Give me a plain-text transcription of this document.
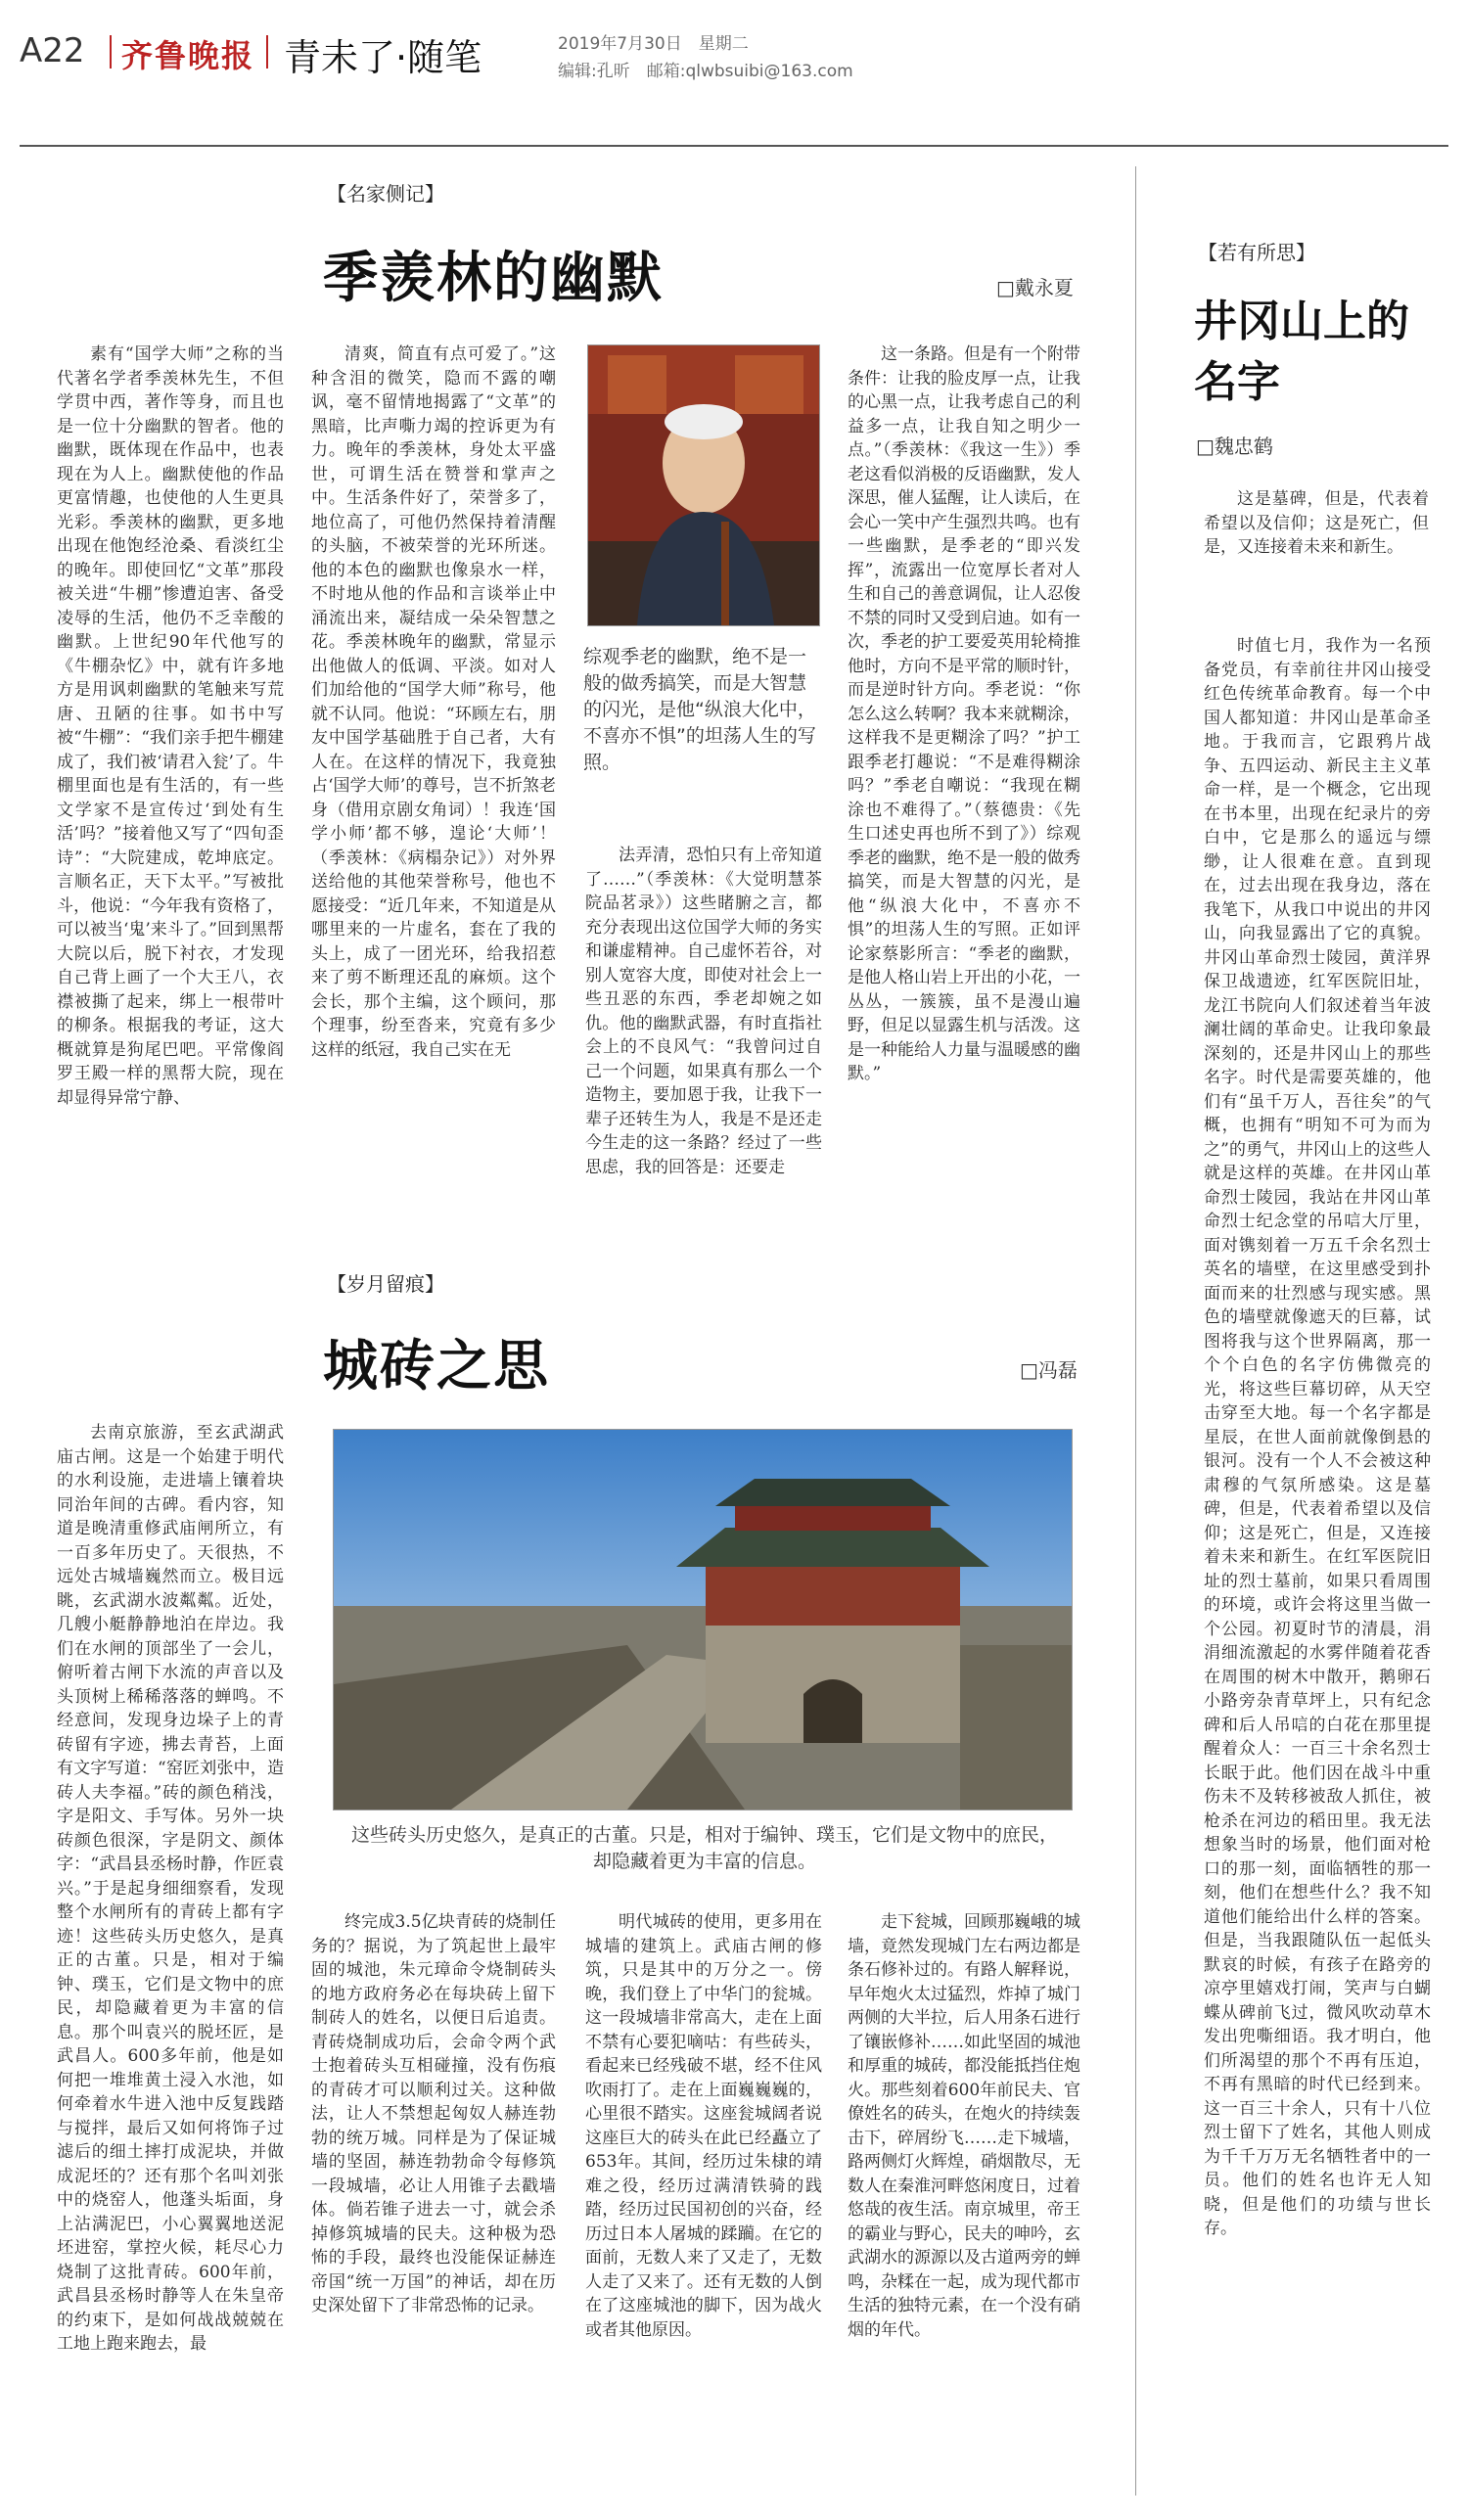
A22 齐鲁晚报 青未了·随笔	2019年7月30日　星期二
编辑:孔昕　邮箱:qlwbsuibi@163.com
【名家侧记】
季羡林的幽默	□戴永夏

素有“国学大师”之称的当代著名学者季羡林先生，不但学贯中西，著作等身，而且也是一位十分幽默的智者。他的幽默，既体现在作品中，也表现在为人上。幽默使他的作品更富情趣，也使他的人生更具光彩。季羡林的幽默，更多地出现在他饱经沧桑、看淡红尘的晚年。即使回忆“文革”那段被关进“牛棚”惨遭迫害、备受凌辱的生活，他仍不乏幸酸的幽默。上世纪90年代他写的《牛棚杂忆》中，就有许多地方是用讽刺幽默的笔触来写荒唐、丑陋的往事。如书中写被“牛棚”：“我们亲手把牛棚建成了，我们被‘请君入瓮’了。牛棚里面也是有生活的，有一些文学家不是宣传过‘到处有生活’吗？”接着他又写了“四旬歪诗”：“大院建成，乾坤底定。言顺名正，天下太平。”写被批斗，他说：“今年我有资格了，可以被当‘鬼’来斗了。”回到黑帮大院以后，脱下衬衣，才发现自己背上画了一个大王八，衣襟被撕了起来，绑上一根带叶的柳条。根据我的考证，这大概就算是狗尾巴吧。平常像阎罗王殿一样的黑帮大院，现在却显得异常宁静、

清爽，简直有点可爱了。”这种含泪的微笑，隐而不露的嘲讽，毫不留情地揭露了“文革”的黑暗，比声嘶力竭的控诉更为有力。晚年的季羡林，身处太平盛世，可谓生活在赞誉和掌声之中。生活条件好了，荣誉多了，地位高了，可他仍然保持着清醒的头脑，不被荣誉的光环所迷。他的本色的幽默也像泉水一样，不时地从他的作品和言谈举止中涌流出来，凝结成一朵朵智慧之花。季羡林晚年的幽默，常显示出他做人的低调、平淡。如对人们加给他的“国学大师”称号，他就不认同。他说：“环顾左右，朋友中国学基础胜于自己者，大有人在。在这样的情况下，我竟独占‘国学大师’的尊号，岂不折煞老身（借用京剧女角词）！我连‘国学小师’都不够，遑论‘大师’！（季羡林：《病榻杂记》）对外界送给他的其他荣誉称号，他也不愿接受：“近几年来，不知道是从哪里来的一片虚名，套在了我的头上，成了一团光环，给我招惹来了剪不断理还乱的麻烦。这个会长，那个主编，这个顾问，那个理事，纷至沓来，究竟有多少这样的纸冠，我自己实在无

综观季老的幽默，绝不是一般的做秀搞笑，而是大智慧的闪光，是他“纵浪大化中，不喜亦不惧”的坦荡人生的写照。

法弄清，恐怕只有上帝知道了……”（季羡林：《大觉明慧茶院品茗录》）这些睹腑之言，都充分表现出这位国学大师的务实和谦虚精神。自己虚怀若谷，对别人宽容大度，即使对社会上一些丑恶的东西，季老却婉之如仇。他的幽默武器，有时直指社会上的不良风气：“我曾问过自己一个问题，如果真有那么一个造物主，要加恩于我，让我下一辈子还转生为人，我是不是还走今生走的这一条路？经过了一些思虑，我的回答是：还要走

这一条路。但是有一个附带条件：让我的脸皮厚一点，让我的心黑一点，让我考虑自己的利益多一点，让我自知之明少一点。”（季羡林：《我这一生》）季老这看似消极的反语幽默，发人深思，催人猛醒，让人读后，在会心一笑中产生强烈共鸣。也有一些幽默，是季老的“即兴发挥”，流露出一位宽厚长者对人生和自己的善意调侃，让人忍俊不禁的同时又受到启迪。如有一次，季老的护工要爱英用轮椅推他时，方向不是平常的顺时针，而是逆时针方向。季老说：“你怎么这么转啊？我本来就糊涂，这样我不是更糊涂了吗？”护工跟季老打趣说：“不是难得糊涂吗？”季老自嘲说：“我现在糊涂也不难得了。”（蔡德贵：《先生口述史再也所不到了》）综观季老的幽默，绝不是一般的做秀搞笑，而是大智慧的闪光，是他“纵浪大化中，不喜亦不惧”的坦荡人生的写照。正如评论家蔡影所言：“季老的幽默，是他人格山岩上开出的小花，一丛丛，一簇簇，虽不是漫山遍野，但足以显露生机与活泼。这是一种能给人力量与温暖感的幽默。”

【岁月留痕】
城砖之思	□冯磊

去南京旅游，至玄武湖武庙古闸。这是一个始建于明代的水利设施，走进墙上镶着块同治年间的古碑。看内容，知道是晚清重修武庙闸所立，有一百多年历史了。天很热，不远处古城墙巍然而立。极目远眺，玄武湖水波粼粼。近处，几艘小艇静静地泊在岸边。我们在水闸的顶部坐了一会儿，俯听着古闸下水流的声音以及头顶树上稀稀落落的蝉鸣。不经意间，发现身边垛子上的青砖留有字迹，拂去青苔，上面有文字写道：“窑匠刘张中，造砖人夫李福。”砖的颜色稍浅，字是阳文、手写体。另外一块砖颜色很深，字是阴文、颜体字：“武昌县丞杨时静，作匠袁兴。”于是起身细细察看，发现整个水闸所有的青砖上都有字迹！这些砖头历史悠久，是真正的古董。只是，相对于编钟、璞玉，它们是文物中的庶民，却隐藏着更为丰富的信息。那个叫袁兴的脱坯匠，是武昌人。600多年前，他是如何把一堆堆黄土浸入水池，如何牵着水牛进入池中反复践踏与搅拌，最后又如何将饰子过滤后的细土摔打成泥块，并做成泥坯的？还有那个名叫刘张中的烧窑人，他蓬头垢面，身上沾满泥巴，小心翼翼地送泥坯进窑，掌控火候，耗尽心力烧制了这批青砖。600年前，武昌县丞杨时静等人在朱皇帝的约束下，是如何战战兢兢在工地上跑来跑去，最

这些砖头历史悠久，是真正的古董。只是，相对于编钟、璞玉，它们是文物中的庶民，却隐藏着更为丰富的信息。

终完成3.5亿块青砖的烧制任务的？据说，为了筑起世上最牢固的城池，朱元璋命令烧制砖头的地方政府务必在每块砖上留下制砖人的姓名，以便日后追责。青砖烧制成功后，会命令两个武士抱着砖头互相碰撞，没有伤痕的青砖才可以顺利过关。这种做法，让人不禁想起匈奴人赫连勃勃的统万城。同样是为了保证城墙的坚固，赫连勃勃命令每修筑一段城墙，必让人用锥子去戳墙体。倘若锥子进去一寸，就会杀掉修筑城墙的民夫。这种极为恐怖的手段，最终也没能保证赫连帝国“统一万国”的神话，却在历史深处留下了非常恐怖的记录。

明代城砖的使用，更多用在城墙的建筑上。武庙古闸的修筑，只是其中的万分之一。傍晚，我们登上了中华门的瓮城。这一段城墙非常高大，走在上面不禁有心要犯嘀咕：有些砖头，看起来已经残破不堪，经不住风吹雨打了。走在上面巍巍巍的，心里很不踏实。这座瓮城阔者说这座巨大的砖头在此已经矗立了653年。其间，经历过朱棣的靖难之役，经历过满清铁骑的践踏，经历过民国初创的兴奋，经历过日本人屠城的蹂躏。在它的面前，无数人来了又走了，无数人走了又来了。还有无数的人倒在了这座城池的脚下，因为战火或者其他原因。

走下瓮城，回顾那巍峨的城墙，竟然发现城门左右两边都是条石修补过的。有路人解释说，早年炮火太过猛烈，炸掉了城门两侧的大半拉，后人用条石进行了镶嵌修补……如此坚固的城池和厚重的城砖，都没能抵挡住炮火。那些刻着600年前民夫、官僚姓名的砖头，在炮火的持续轰击下，碎屑纷飞……走下城墙，路两侧灯火辉煌，硝烟散尽，无数人在秦淮河畔悠闲度日，过着悠哉的夜生活。南京城里，帝王的霸业与野心，民夫的呻吟，玄武湖水的源源以及古道两旁的蝉鸣，杂糅在一起，成为现代都市生活的独特元素，在一个没有硝烟的年代。

【若有所思】
井冈山上的名字
□魏忠鹤

这是墓碑，但是，代表着希望以及信仰；这是死亡，但是，又连接着未来和新生。

时值七月，我作为一名预备党员，有幸前往井冈山接受红色传统革命教育。每一个中国人都知道：井冈山是革命圣地。于我而言，它跟鸦片战争、五四运动、新民主主义革命一样，是一个概念，它出现在书本里，出现在纪录片的旁白中，它是那么的遥远与缥缈，让人很难在意。直到现在，过去出现在我身边，落在我笔下，从我口中说出的井冈山，向我显露出了它的真貌。井冈山革命烈士陵园，黄洋界保卫战遗迹，红军医院旧址，龙江书院向人们叙述着当年波澜壮阔的革命史。让我印象最深刻的，还是井冈山上的那些名字。时代是需要英雄的，他们有“虽千万人，吾往矣”的气概，也拥有“明知不可为而为之”的勇气，井冈山上的这些人就是这样的英雄。在井冈山革命烈士陵园，我站在井冈山革命烈士纪念堂的吊唁大厅里，面对镌刻着一万五千余名烈士英名的墙壁，在这里感受到扑面而来的壮烈感与现实感。黑色的墙壁就像遮天的巨幕，试图将我与这个世界隔离，那一个个白色的名字仿佛微亮的光，将这些巨幕切碎，从天空击穿至大地。每一个名字都是星辰，在世人面前就像倒悬的银河。没有一个人不会被这种肃穆的气氛所感染。这是墓碑，但是，代表着希望以及信仰；这是死亡，但是，又连接着未来和新生。在红军医院旧址的烈士墓前，如果只看周围的环境，或许会将这里当做一个公园。初夏时节的清晨，涓涓细流激起的水雾伴随着花香在周围的树木中散开，鹅卵石小路旁杂青草坪上，只有纪念碑和后人吊唁的白花在那里提醒着众人：一百三十余名烈士长眠于此。他们因在战斗中重伤未不及转移被敌人抓住，被枪杀在河边的稻田里。我无法想象当时的场景，他们面对枪口的那一刻，面临牺牲的那一刻，他们在想些什么？我不知道他们能给出什么样的答案。但是，当我跟随队伍一起低头默哀的时候，有孩子在路旁的凉亭里嬉戏打闹，笑声与白蝴蝶从碑前飞过，微风吹动草木发出兜嘶细语。我才明白，他们所渴望的那个不再有压迫，不再有黑暗的时代已经到来。这一百三十余人，只有十八位烈士留下了姓名，其他人则成为千千万万无名牺牲者中的一员。他们的姓名也许无人知晓，但是他们的功绩与世长存。
